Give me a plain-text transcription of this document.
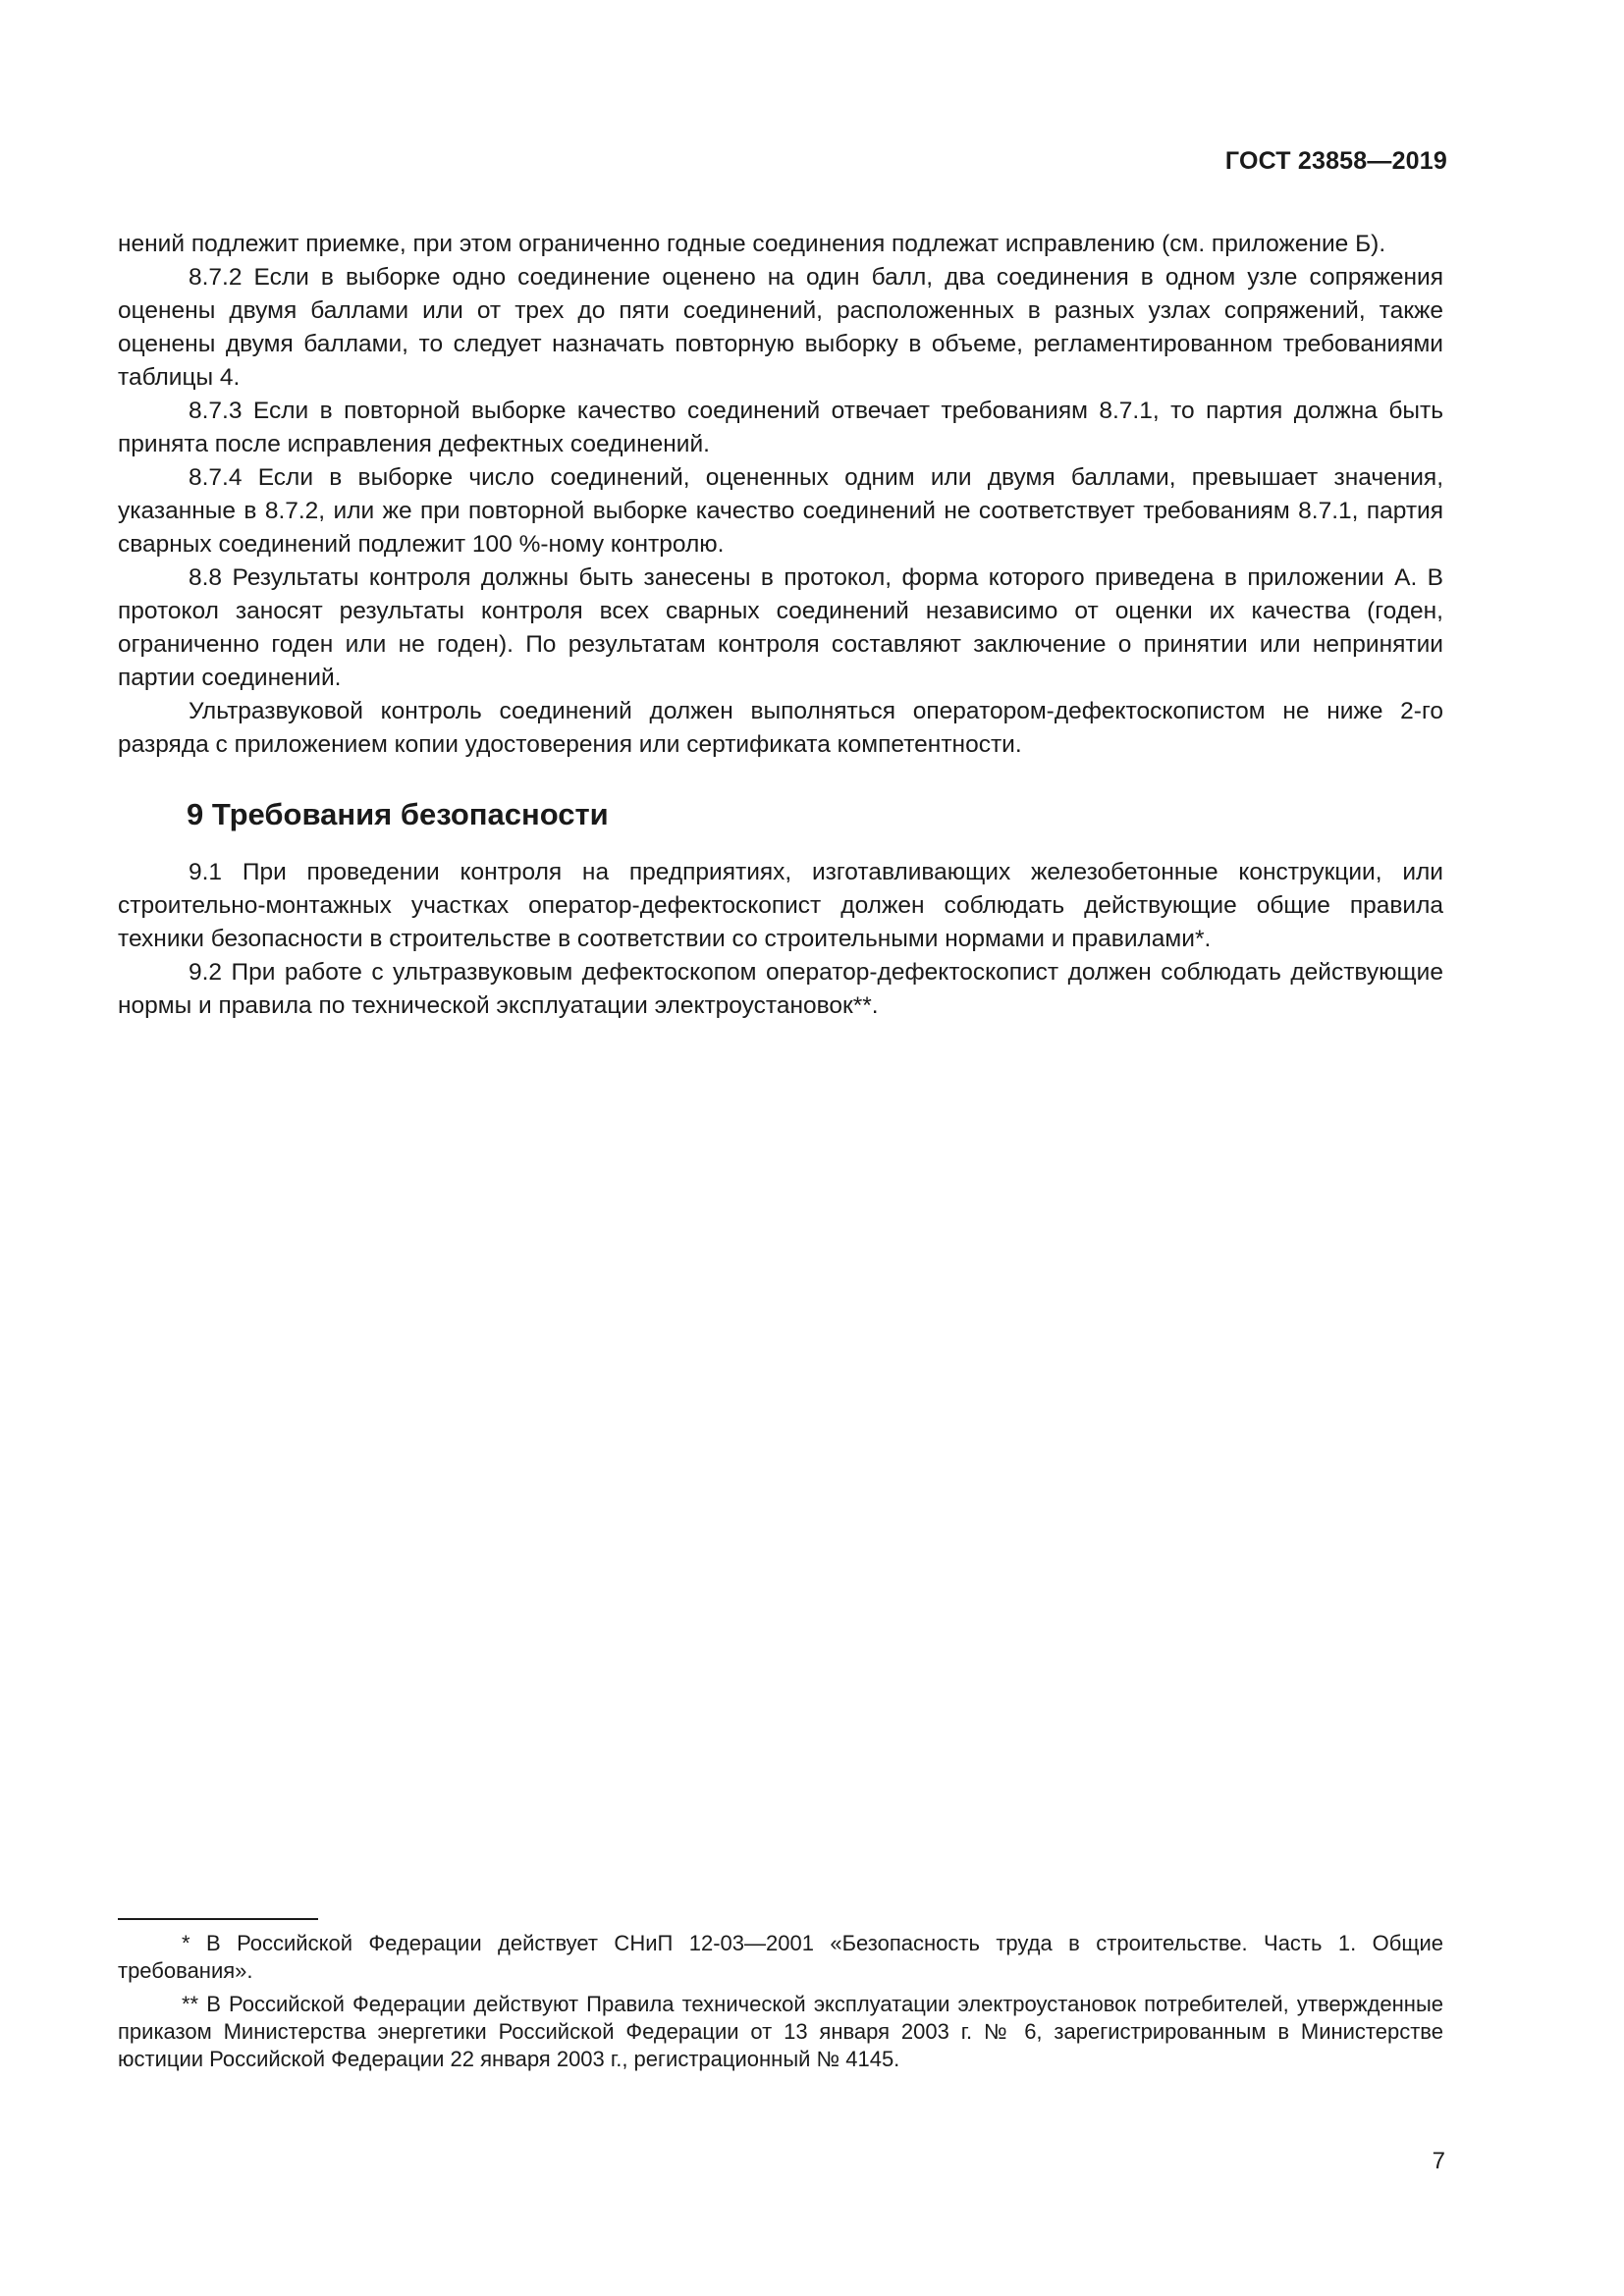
ГОСТ 23858—2019

нений подлежит приемке, при этом ограниченно годные соединения подлежат исправлению (см. приложение Б).

8.7.2 Если в выборке одно соединение оценено на один балл, два соединения в одном узле сопряжения оценены двумя баллами или от трех до пяти соединений, расположенных в разных узлах сопряжений, также оценены двумя баллами, то следует назначать повторную выборку в объеме, регламентированном требованиями таблицы 4.

8.7.3 Если в повторной выборке качество соединений отвечает требованиям 8.7.1, то партия должна быть принята после исправления дефектных соединений.

8.7.4 Если в выборке число соединений, оцененных одним или двумя баллами, превышает значения, указанные в 8.7.2, или же при повторной выборке качество соединений не соответствует требованиям 8.7.1, партия сварных соединений подлежит 100 %-ному контролю.

8.8 Результаты контроля должны быть занесены в протокол, форма которого приведена в приложении А. В протокол заносят результаты контроля всех сварных соединений независимо от оценки их качества (годен, ограниченно годен или не годен). По результатам контроля составляют заключение о принятии или непринятии партии соединений.

Ультразвуковой контроль соединений должен выполняться оператором-дефектоскопистом не ниже 2-го разряда с приложением копии удостоверения или сертификата компетентности.

9 Требования безопасности

9.1 При проведении контроля на предприятиях, изготавливающих железобетонные конструкции, или строительно-монтажных участках оператор-дефектоскопист должен соблюдать действующие общие правила техники безопасности в строительстве в соответствии со строительными нормами и правилами*.

9.2 При работе с ультразвуковым дефектоскопом оператор-дефектоскопист должен соблюдать действующие нормы и правила по технической эксплуатации электроустановок**.

* В Российской Федерации действует СНиП 12-03—2001 «Безопасность труда в строительстве. Часть 1. Общие требования».

** В Российской Федерации действуют Правила технической эксплуатации электроустановок потребителей, утвержденные приказом Министерства энергетики Российской Федерации от 13 января 2003 г. № 6, зарегистрированным в Министерстве юстиции Российской Федерации 22 января 2003 г., регистрационный № 4145.

7
